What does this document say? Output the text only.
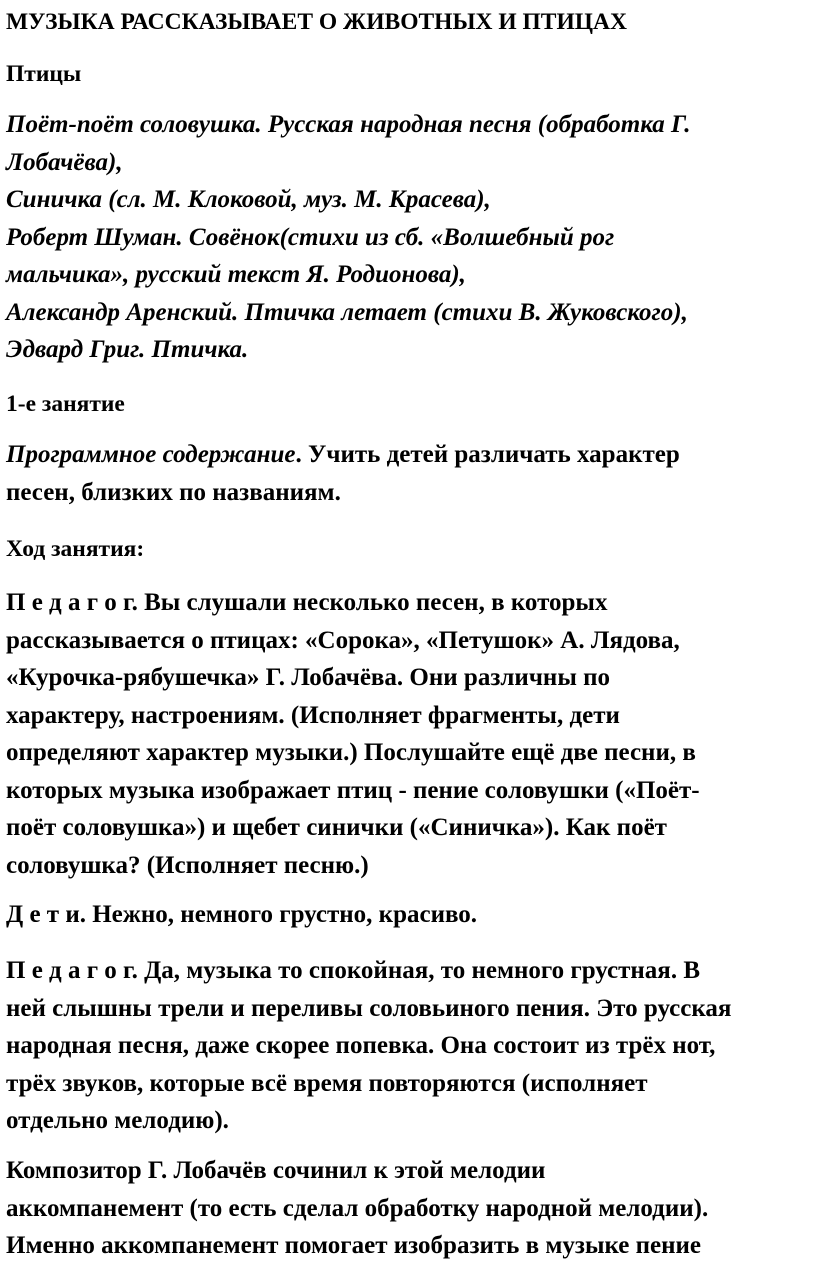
МУЗЫКА РАССКАЗЫВАЕТ О ЖИВОТНЫХ И ПТИЦАХ
Птицы
Поёт-поёт соловушка. Русская народная песня (обработка Г.
Лобачёва),
Синичка (сл. М. Клоковой, муз. М. Красева),
Роберт Шуман. Совёнок(стихи из сб. «Волшебный рог
мальчика», русский текст Я. Родионова),
Александр Аренский. Птичка летает (стихи В. Жуковского),
Эдвард Григ. Птичка.
1-е занятие
Программное содержание. Учить детей различать характер
песен, близких по названиям.
Ход занятия:
П е д а г о г. Вы слушали несколько песен, в которых
рассказывается о птицах: «Сорока», «Петушок» А. Лядова,
«Курочка-рябушечка» Г. Лобачёва. Они различны по
характеру, настроениям. (Исполняет фрагменты, дети
определяют характер музыки.) Послушайте ещё две песни, в
которых музыка изображает птиц - пение соловушки («Поёт-
поёт соловушка») и щебет синички («Синичка»). Как поёт
соловушка? (Исполняет песню.)
Д е т и. Нежно, немного грустно, красиво.
П е д а г о г. Да, музыка то спокойная, то немного грустная. В
ней слышны трели и переливы соловьиного пения. Это русская
народная песня, даже скорее попевка. Она состоит из трёх нот,
трёх звуков, которые всё время повторяются (исполняет
отдельно мелодию).
Композитор Г. Лобачёв сочинил к этой мелодии
аккомпанемент (то есть сделал обработку народной мелодии).
Именно аккомпанемент помогает изобразить в музыке пение
